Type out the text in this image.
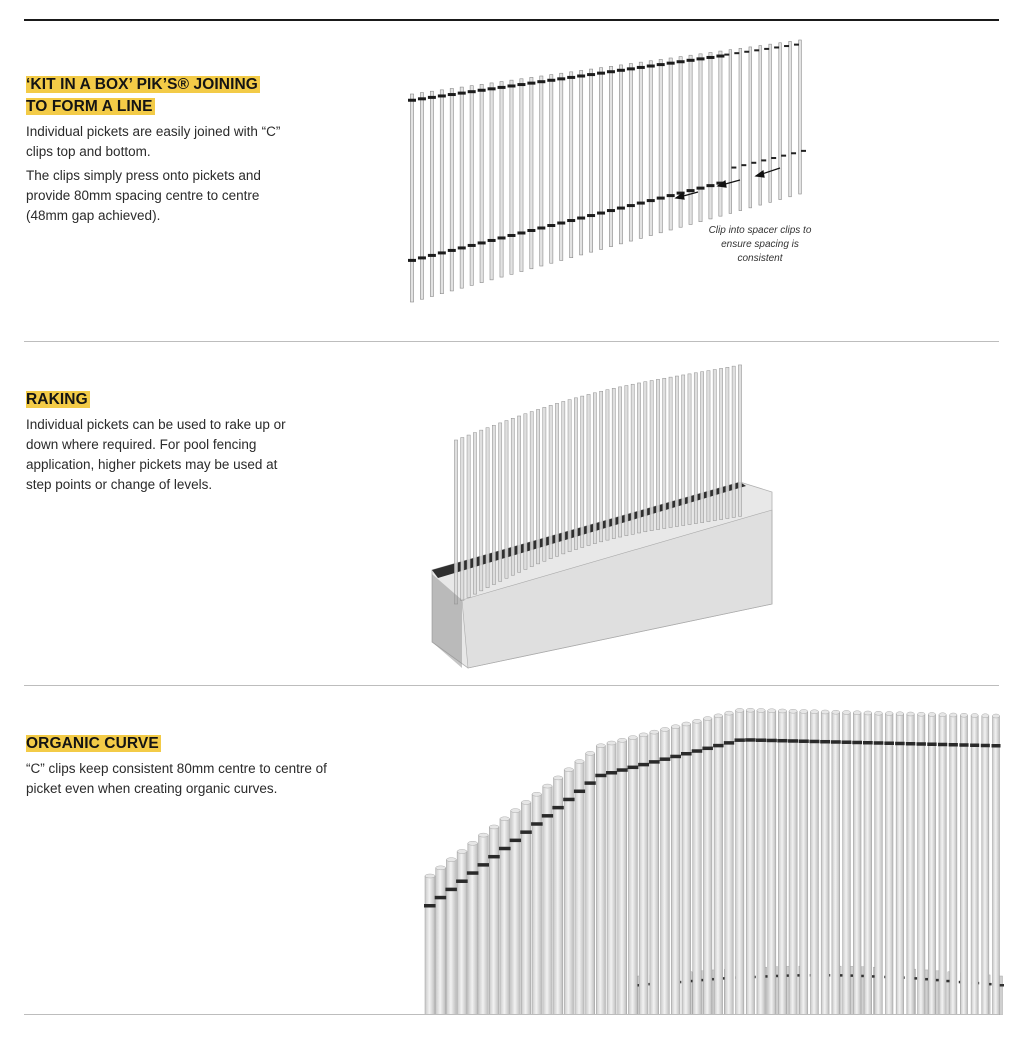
‘KIT IN A BOX’ PIK’S® JOINING
TO FORM A LINE

Individual pickets are easily joined with “C” clips top and bottom.

The clips simply press onto pickets and provide 80mm spacing centre to centre (48mm gap achieved).

Clip into spacer clips to ensure spacing is consistent
RAKING

Individual pickets can be used to rake up or down where required. For pool fencing application, higher pickets may be used at step points or change of levels.

ORGANIC CURVE

“C” clips keep consistent 80mm centre to centre of picket even when creating organic curves.
